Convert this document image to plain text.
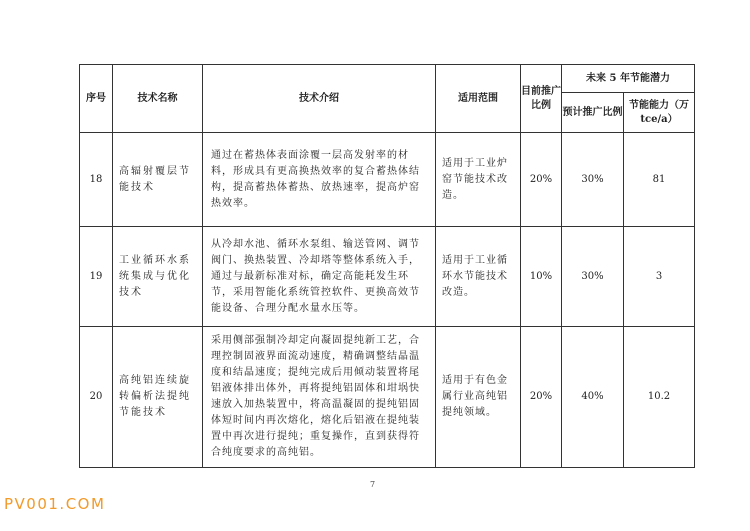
序号	技术名称	技术介绍	适用范围	目前推广比例	未来 5 年节能潜力	
					预计推广比例	节能能力（万 tce/a）
18	高辐射覆层节能技术	通过在蓄热体表面涂覆一层高发射率的材料，形成具有更高换热效率的复合蓄热体结构，提高蓄热体蓄热、放热速率，提高炉窑热效率。	适用于工业炉窑节能技术改造。	20%	30%	81
19	工业循环水系统集成与优化技术	从冷却水池、循环水泵组、输送管网、调节阀门、换热装置、冷却塔等整体系统入手，通过与最新标准对标，确定高能耗发生环节，采用智能化系统管控软件、更换高效节能设备、合理分配水量水压等。	适用于工业循环水节能技术改造。	10%	30%	3
20	高纯铝连续旋转偏析法提纯节能技术	采用侧部强制冷却定向凝固提纯新工艺，合理控制固液界面流动速度，精确调整结晶温度和结晶速度；提纯完成后用倾动装置将尾铝液体排出体外，再将提纯铝固体和坩埚快速放入加热装置中，将高温凝固的提纯铝固体短时间内再次熔化，熔化后铝液在提纯装置中再次进行提纯；重复操作，直到获得符合纯度要求的高纯铝。	适用于有色金属行业高纯铝提纯领域。	20%	40%	10.2
7
PV001.COM
